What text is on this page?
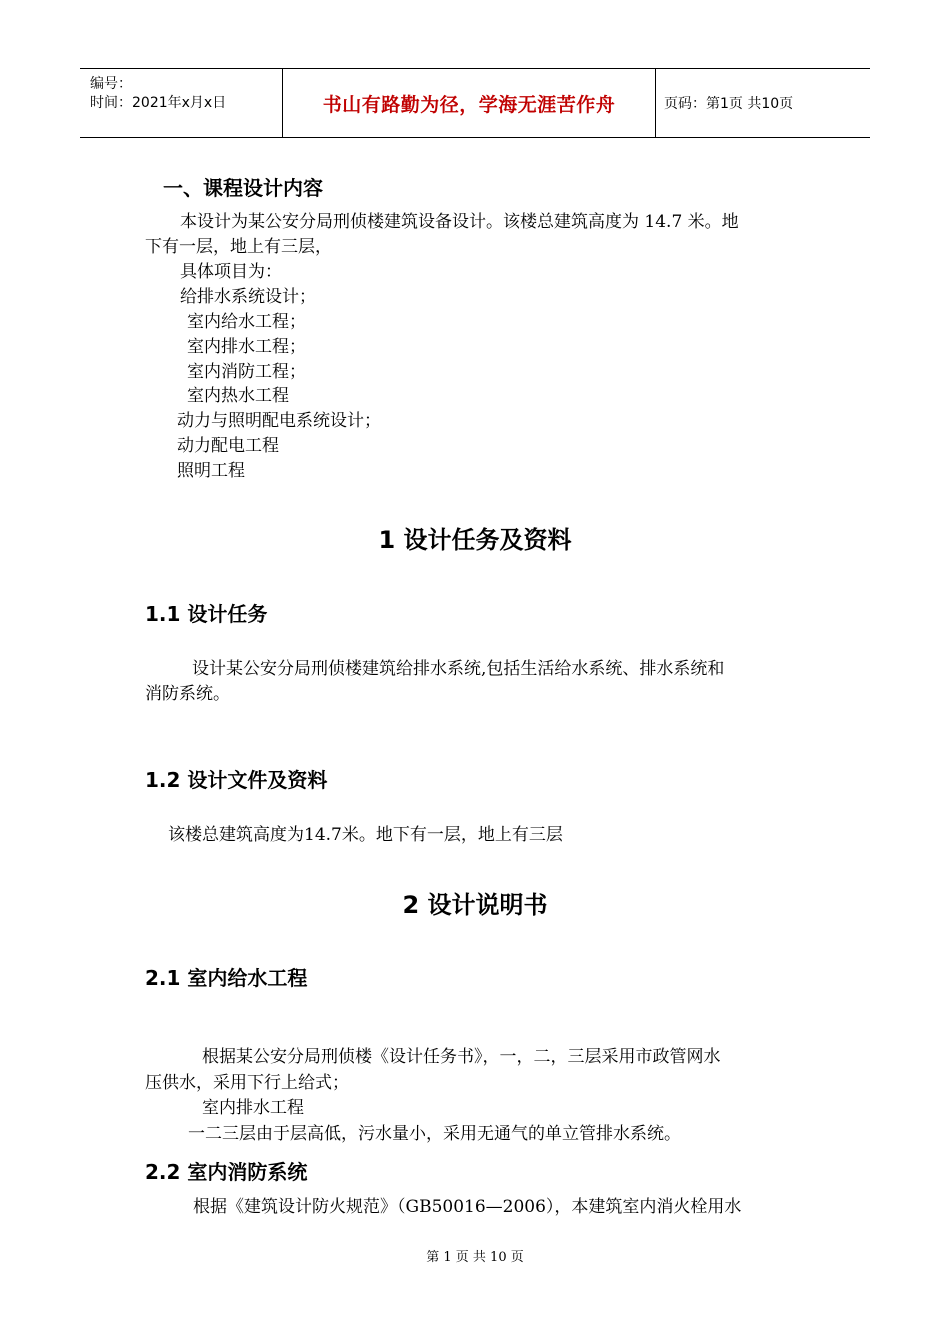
编号：
时间：2021年x月x日	书山有路勤为径，学海无涯苦作舟	页码：第1页 共10页
一、课程设计内容
本设计为某公安分局刑侦楼建筑设备设计。该楼总建筑高度为 14.7 米。地
下有一层，地上有三层，
具体项目为：
给排水系统设计；
室内给水工程；
室内排水工程；
室内消防工程；
室内热水工程
动力与照明配电系统设计；
动力配电工程
照明工程
1 设计任务及资料
1.1 设计任务
设计某公安分局刑侦楼建筑给排水系统,包括生活给水系统、排水系统和
消防系统。
1.2 设计文件及资料
该楼总建筑高度为14.7米。地下有一层，地上有三层
2 设计说明书
2.1 室内给水工程
根据某公安分局刑侦楼《设计任务书》，一，二，三层采用市政管网水
压供水，采用下行上给式；
室内排水工程
一二三层由于层高低，污水量小，采用无通气的单立管排水系统。
2.2 室内消防系统
根据《建筑设计防火规范》（GB50016—2006），本建筑室内消火栓用水
第 1 页 共 10 页
